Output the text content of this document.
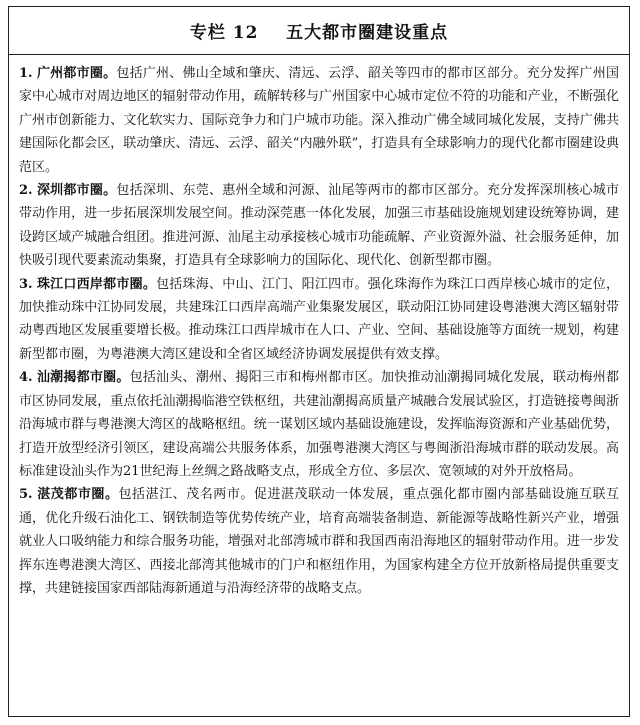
专栏 12    五大都市圈建设重点

1. 广州都市圈。包括广州、佛山全域和肇庆、清远、云浮、韶关等四市的都市区部分。充分发挥广州国家中心城市对周边地区的辐射带动作用，疏解转移与广州国家中心城市定位不符的功能和产业，不断强化广州市创新能力、文化软实力、国际竞争力和门户城市功能。深入推动广佛全域同城化发展，支持广佛共建国际化都会区，联动肇庆、清远、云浮、韶关“内融外联”，打造具有全球影响力的现代化都市圈建设典范区。

2. 深圳都市圈。包括深圳、东莞、惠州全域和河源、汕尾等两市的都市区部分。充分发挥深圳核心城市带动作用，进一步拓展深圳发展空间。推动深莞惠一体化发展，加强三市基础设施规划建设统筹协调，建设跨区域产城融合组团。推进河源、汕尾主动承接核心城市功能疏解、产业资源外溢、社会服务延伸，加快吸引现代要素流动集聚，打造具有全球影响力的国际化、现代化、创新型都市圈。

3. 珠江口西岸都市圈。包括珠海、中山、江门、阳江四市。强化珠海作为珠江口西岸核心城市的定位，加快推动珠中江协同发展，共建珠江口西岸高端产业集聚发展区，联动阳江协同建设粤港澳大湾区辐射带动粤西地区发展重要增长极。推动珠江口西岸城市在人口、产业、空间、基础设施等方面统一规划，构建新型都市圈，为粤港澳大湾区建设和全省区域经济协调发展提供有效支撑。

4. 汕潮揭都市圈。包括汕头、潮州、揭阳三市和梅州都市区。加快推动汕潮揭同城化发展，联动梅州都市区协同发展，重点依托汕潮揭临港空铁枢纽，共建汕潮揭高质量产城融合发展试验区，打造链接粤闽浙沿海城市群与粤港澳大湾区的战略枢纽。统一谋划区域内基础设施建设，发挥临海资源和产业基础优势，打造开放型经济引领区，建设高端公共服务体系，加强粤港澳大湾区与粤闽浙沿海城市群的联动发展。高标准建设汕头作为21世纪海上丝绸之路战略支点，形成全方位、多层次、宽领域的对外开放格局。

5. 湛茂都市圈。包括湛江、茂名两市。促进湛茂联动一体发展，重点强化都市圈内部基础设施互联互通，优化升级石油化工、钢铁制造等优势传统产业，培育高端装备制造、新能源等战略性新兴产业，增强就业人口吸纳能力和综合服务功能，增强对北部湾城市群和我国西南沿海地区的辐射带动作用。进一步发挥东连粤港澳大湾区、西接北部湾其他城市的门户和枢纽作用，为国家构建全方位开放新格局提供重要支撑，共建链接国家西部陆海新通道与沿海经济带的战略支点。
